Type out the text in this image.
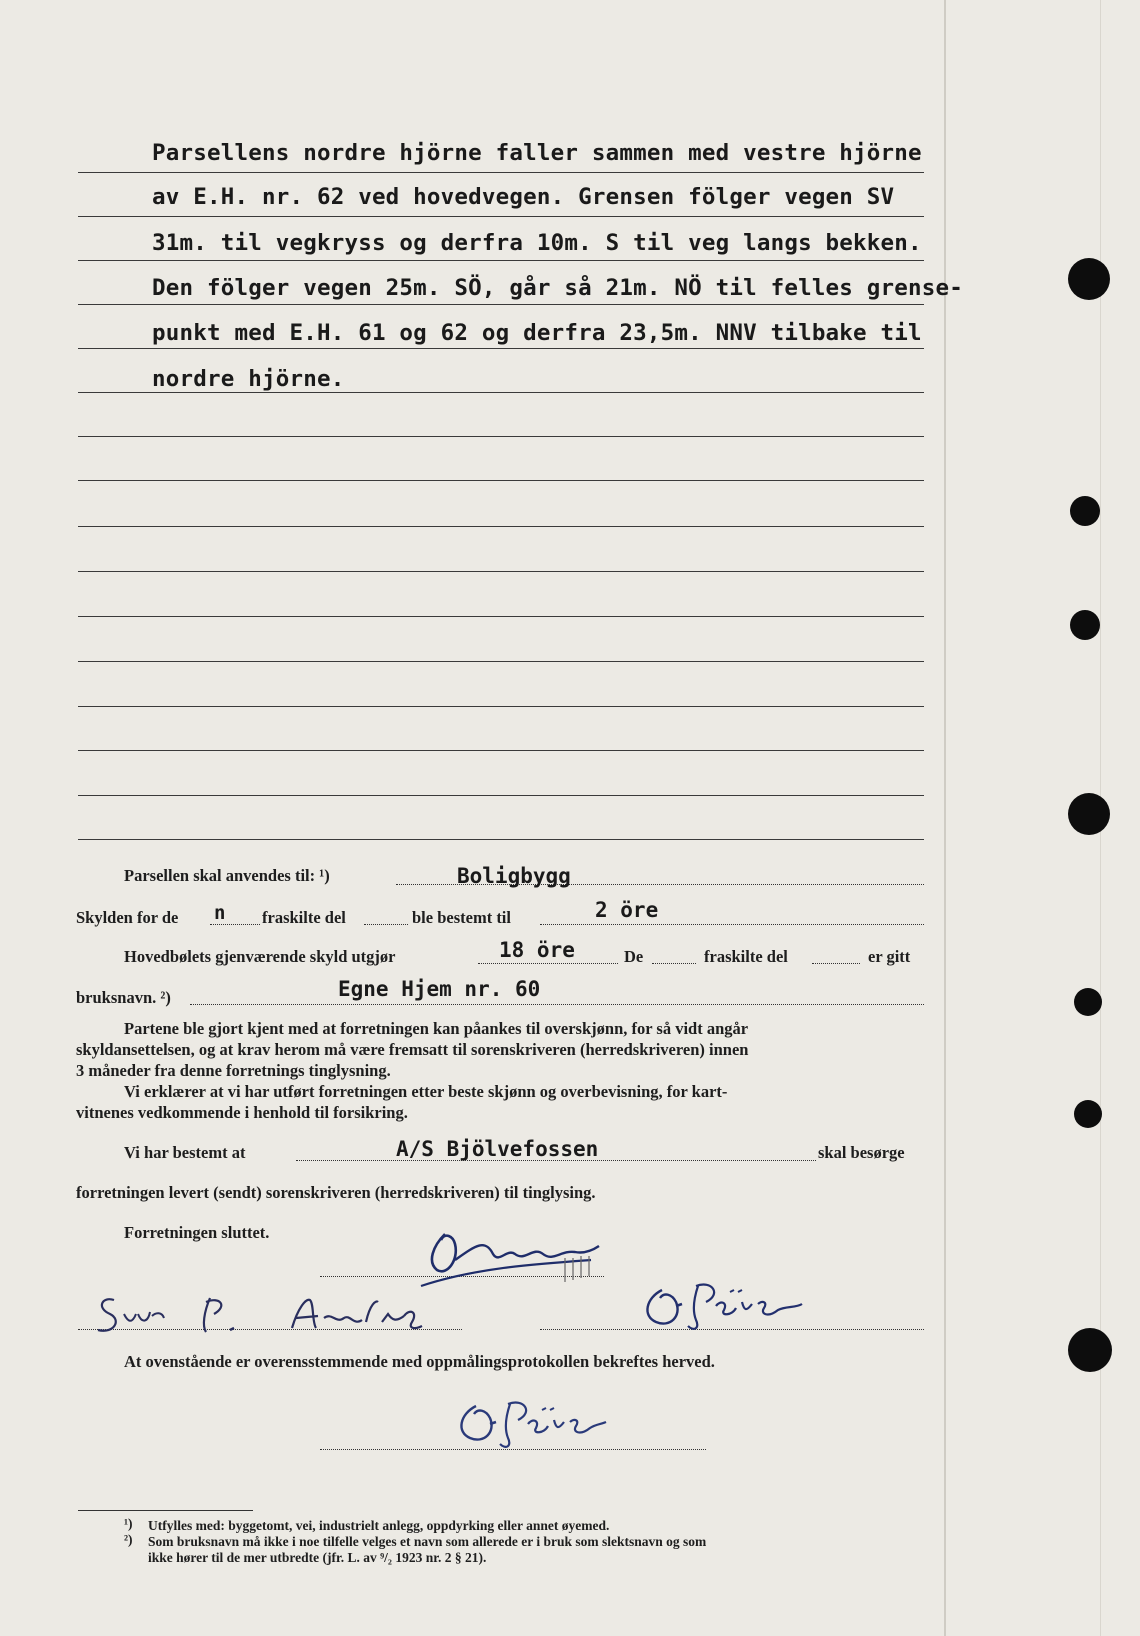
Parsellens nordre hjörne faller sammen med vestre hjörne
av E.H. nr. 62 ved hovedvegen. Grensen fölger vegen SV
31m. til vegkryss og derfra 10m. S til veg langs bekken.
Den fölger vegen 25m. SÖ, går så 21m. NÖ til felles grense-
punkt med E.H. 61 og 62 og derfra 23,5m. NNV tilbake til
nordre hjörne.
Parsellen skal anvendes til: ¹)	Boligbygg
Skylden for de n fraskilte del	ble bestemt til	2 öre
Hovedbølets gjenværende skyld utgjør	18 öre	De	fraskilte del	er gitt
bruksnavn. ²)	Egne Hjem nr. 60
Partene ble gjort kjent med at forretningen kan påankes til overskjønn, for så vidt angår
skyldansettelsen, og at krav herom må være fremsatt til sorenskriveren (herredskriveren) innen
3 måneder fra denne forretnings tinglysning.
Vi erklærer at vi har utført forretningen etter beste skjønn og overbevisning, for kart-
vitnenes vedkommende i henhold til forsikring.
Vi har bestemt at	A/S Bjölvefossen	skal besørge
forretningen levert (sendt) sorenskriveren (herredskriveren) til tinglysing.
Forretningen sluttet.
At ovenstående er overensstemmende med oppmålingsprotokollen bekreftes herved.
¹) Utfylles med: byggetomt, vei, industrielt anlegg, oppdyrking eller annet øyemed.
²) Som bruksnavn må ikke i noe tilfelle velges et navn som allerede er i bruk som slektsnavn og som
ikke hører til de mer utbredte (jfr. L. av ⁹/₂ 1923 nr. 2 § 21).
